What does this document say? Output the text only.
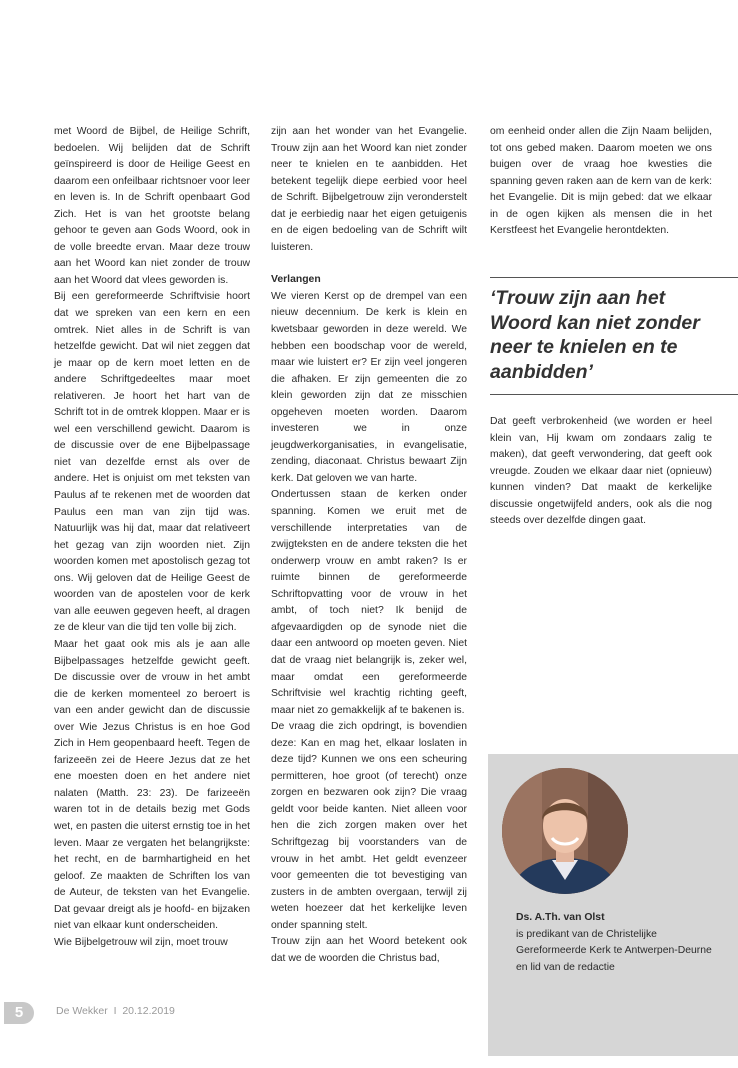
met Woord de Bijbel, de Heilige Schrift, bedoelen. Wij belijden dat de Schrift geïnspireerd is door de Heilige Geest en daarom een onfeilbaar richtsnoer voor leer en leven is. In de Schrift openbaart God Zich. Het is van het grootste belang gehoor te geven aan Gods Woord, ook in de volle breedte ervan. Maar deze trouw aan het Woord kan niet zonder de trouw aan het Woord dat vlees geworden is.

Bij een gereformeerde Schriftvisie hoort dat we spreken van een kern en een omtrek. Niet alles in de Schrift is van hetzelfde gewicht. Dat wil niet zeggen dat je maar op de kern moet letten en de andere Schriftgedeeltes maar moet relativeren. Je hoort het hart van de Schrift tot in de omtrek kloppen. Maar er is wel een verschillend gewicht. Daarom is de discussie over de ene Bijbelpassage niet van dezelfde ernst als over de andere. Het is onjuist om met teksten van Paulus af te rekenen met de woorden dat Paulus een man van zijn tijd was. Natuurlijk was hij dat, maar dat relativeert het gezag van zijn woorden niet. Zijn woorden komen met apostolisch gezag tot ons. Wij geloven dat de Heilige Geest de woorden van de apostelen voor de kerk van alle eeuwen gegeven heeft, al dragen ze de kleur van die tijd ten volle bij zich.

Maar het gaat ook mis als je aan alle Bijbelpassages hetzelfde gewicht geeft. De discussie over de vrouw in het ambt die de kerken momenteel zo beroert is van een ander gewicht dan de discussie over Wie Jezus Christus is en hoe God Zich in Hem geopenbaard heeft. Tegen de farizeeën zei de Heere Jezus dat ze het ene moesten doen en het andere niet nalaten (Matth. 23: 23). De farizeeën waren tot in de details bezig met Gods wet, en pasten die uiterst ernstig toe in het leven. Maar ze vergaten het belangrijkste: het recht, en de barmhartigheid en het geloof. Ze maakten de Schriften los van de Auteur, de teksten van het Evangelie. Dat gevaar dreigt als je hoofd- en bijzaken niet van elkaar kunt onderscheiden.

Wie Bijbelgetrouw wil zijn, moet trouw

zijn aan het wonder van het Evangelie. Trouw zijn aan het Woord kan niet zonder neer te knielen en te aanbidden. Het betekent tegelijk diepe eerbied voor heel de Schrift. Bijbelgetrouw zijn veronderstelt dat je eerbiedig naar het eigen getuigenis en de eigen bedoeling van de Schrift wilt luisteren.

Verlangen

We vieren Kerst op de drempel van een nieuw decennium. De kerk is klein en kwetsbaar geworden in deze wereld. We hebben een boodschap voor de wereld, maar wie luistert er? Er zijn veel jongeren die afhaken. Er zijn gemeenten die zo klein geworden zijn dat ze misschien opgeheven moeten worden. Daarom investeren we in onze jeugdwerkorganisaties, in evangelisatie, zending, diaconaat. Christus bewaart Zijn kerk. Dat geloven we van harte.

Ondertussen staan de kerken onder spanning. Komen we eruit met de verschillende interpretaties van de zwijgteksten en de andere teksten die het onderwerp vrouw en ambt raken? Is er ruimte binnen de gereformeerde Schriftopvatting voor de vrouw in het ambt, of toch niet? Ik benijd de afgevaardigden op de synode niet die daar een antwoord op moeten geven. Niet dat de vraag niet belangrijk is, zeker wel, maar omdat een gereformeerde Schriftvisie wel krachtig richting geeft, maar niet zo gemakkelijk af te bakenen is.

De vraag die zich opdringt, is bovendien deze: Kan en mag het, elkaar loslaten in deze tijd? Kunnen we ons een scheuring permitteren, hoe groot (of terecht) onze zorgen en bezwaren ook zijn? Die vraag geldt voor beide kanten. Niet alleen voor hen die zich zorgen maken over het Schriftgezag bij voorstanders van de vrouw in het ambt. Het geldt evenzeer voor gemeenten die tot bevestiging van zusters in de ambten overgaan, terwijl zij weten hoezeer dat het kerkelijke leven onder spanning stelt.

Trouw zijn aan het Woord betekent ook dat we de woorden die Christus bad,

om eenheid onder allen die Zijn Naam belijden, tot ons gebed maken. Daarom moeten we ons buigen over de vraag hoe kwesties die spanning geven raken aan de kern van de kerk: het Evangelie. Dit is mijn gebed: dat we elkaar in de ogen kijken als mensen die in het Kerstfeest het Evangelie herontdekten.

‘Trouw zijn aan het Woord kan niet zonder neer te knielen en te aanbidden’

Dat geeft verbrokenheid (we worden er heel klein van, Hij kwam om zondaars zalig te maken), dat geeft verwondering, dat geeft ook vreugde. Zouden we elkaar daar niet (opnieuw) kunnen vinden? Dat maakt de kerkelijke discussie ongetwijfeld anders, ook als die nog steeds over dezelfde dingen gaat.

Ds. A.Th. van Olst

is predikant van de Christelijke Gereformeerde Kerk te Antwerpen-Deurne en lid van de redactie

5	De Wekker  I  20.12.2019
